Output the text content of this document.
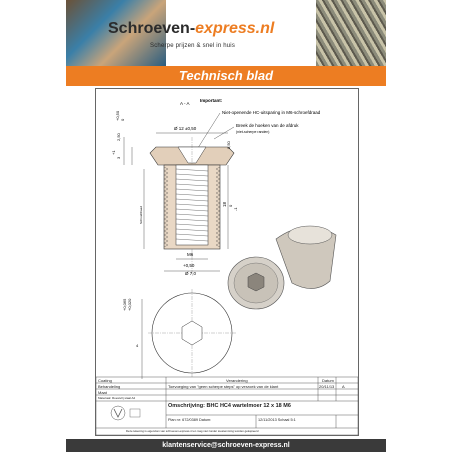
Schroeven-express.nl
Scherpe prijzen & snel in huis
Technisch blad
A - A
Important:
Niet-openende HC-uitsparing in M6-schroefdraad
Breek de hoeken van de afdruk
(niet-scherpe randen)
Ø 12 ±0,50
+0,50 0
2,50
3
+1
0,50
Schroefdraad
18 0
-1
M6
+0,50
Ø 7,0
+0,065 +0,020
4
Coating	Verandering	Datum
Behandeling	Toevoeging van "geen scherpe steps" op verzoek van de klant	20/11/13 A
Maat
Materiaal: Roestvrij staal A2
Omschrijving: BHC HC4 wartelmoer 12 x 18 M6
Plan nr: 672/0389 Datum:	12/11/2013 Schaal 5:1
Deze tekening is eigendom van schroeven-express.nl en mag niet zonder toestemming worden gekopieerd
klantenservice@schroeven-express.nl
